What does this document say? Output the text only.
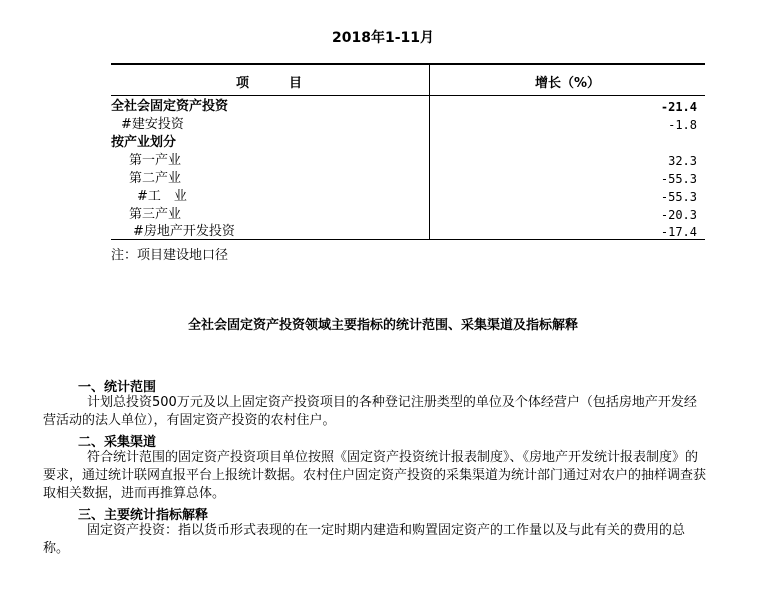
2018年1-11月
项	目	增长（%）
全社会固定资产投资	-21.4
#建安投资	-1.8
按产业划分
第一产业	32.3
第二产业	-55.3
#工　业	-55.3
第三产业	-20.3
#房地产开发投资	-17.4
注：项目建设地口径
全社会固定资产投资领域主要指标的统计范围、采集渠道及指标解释
一、统计范围
计划总投资500万元及以上固定资产投资项目的各种登记注册类型的单位及个体经营户（包括房地产开发经营活动的法人单位），有固定资产投资的农村住户。
二、采集渠道
符合统计范围的固定资产投资项目单位按照《固定资产投资统计报表制度》、《房地产开发统计报表制度》的要求，通过统计联网直报平台上报统计数据。农村住户固定资产投资的采集渠道为统计部门通过对农户的抽样调查获取相关数据，进而再推算总体。
三、主要统计指标解释
固定资产投资：指以货币形式表现的在一定时期内建造和购置固定资产的工作量以及与此有关的费用的总称。
